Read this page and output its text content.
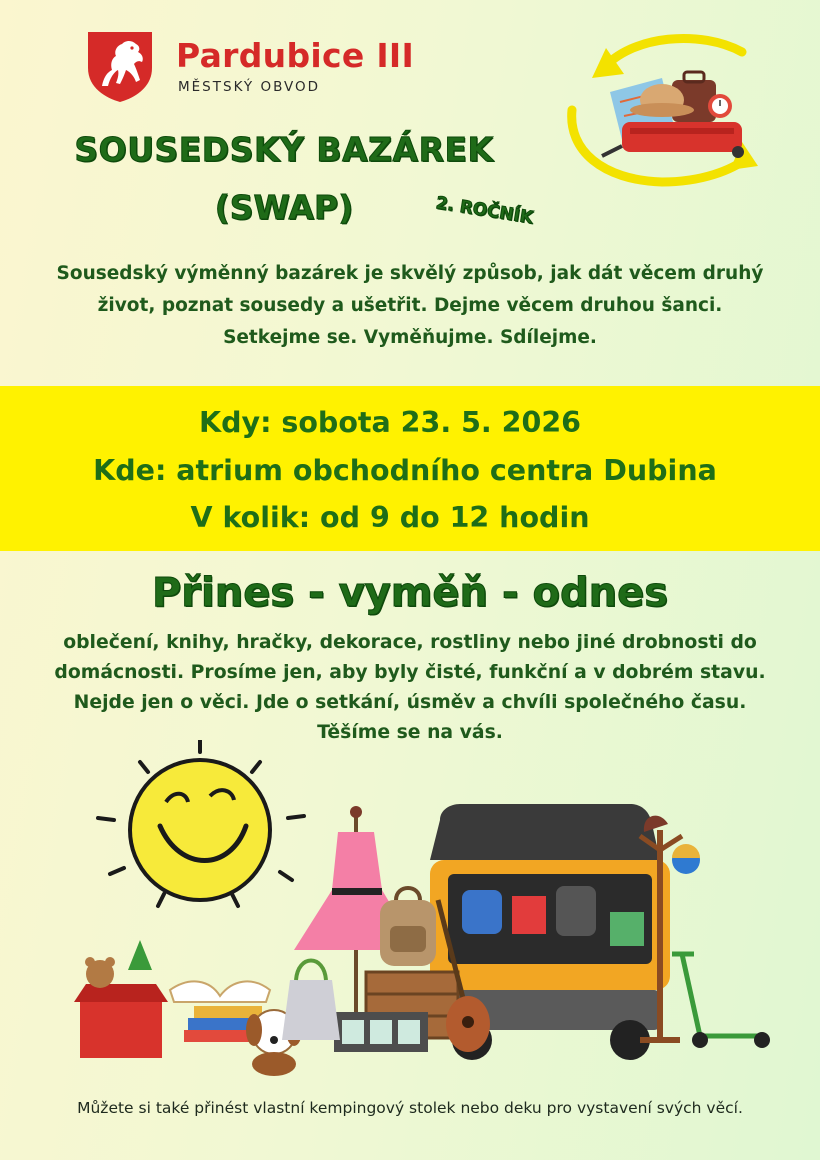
Pardubice III
MĚSTSKÝ OBVOD
SOUSEDSKÝ BAZÁREK
(SWAP)	2. ROČNÍK
Sousedský výměnný bazárek je skvělý způsob, jak dát věcem druhý
život, poznat sousedy a ušetřit. Dejme věcem druhou šanci.
Setkejme se. Vyměňujme. Sdílejme.
Kdy: sobota 23. 5. 2026
Kde: atrium obchodního centra Dubina
V kolik: od 9 do 12 hodin
Přines - vyměň - odnes
oblečení, knihy, hračky, dekorace, rostliny nebo jiné drobnosti do
domácnosti. Prosíme jen, aby byly čisté, funkční a v dobrém stavu.
Nejde jen o věci. Jde o setkání, úsměv a chvíli společného času.
Těšíme se na vás.
Můžete si také přinést vlastní kempingový stolek nebo deku pro vystavení svých věcí.
